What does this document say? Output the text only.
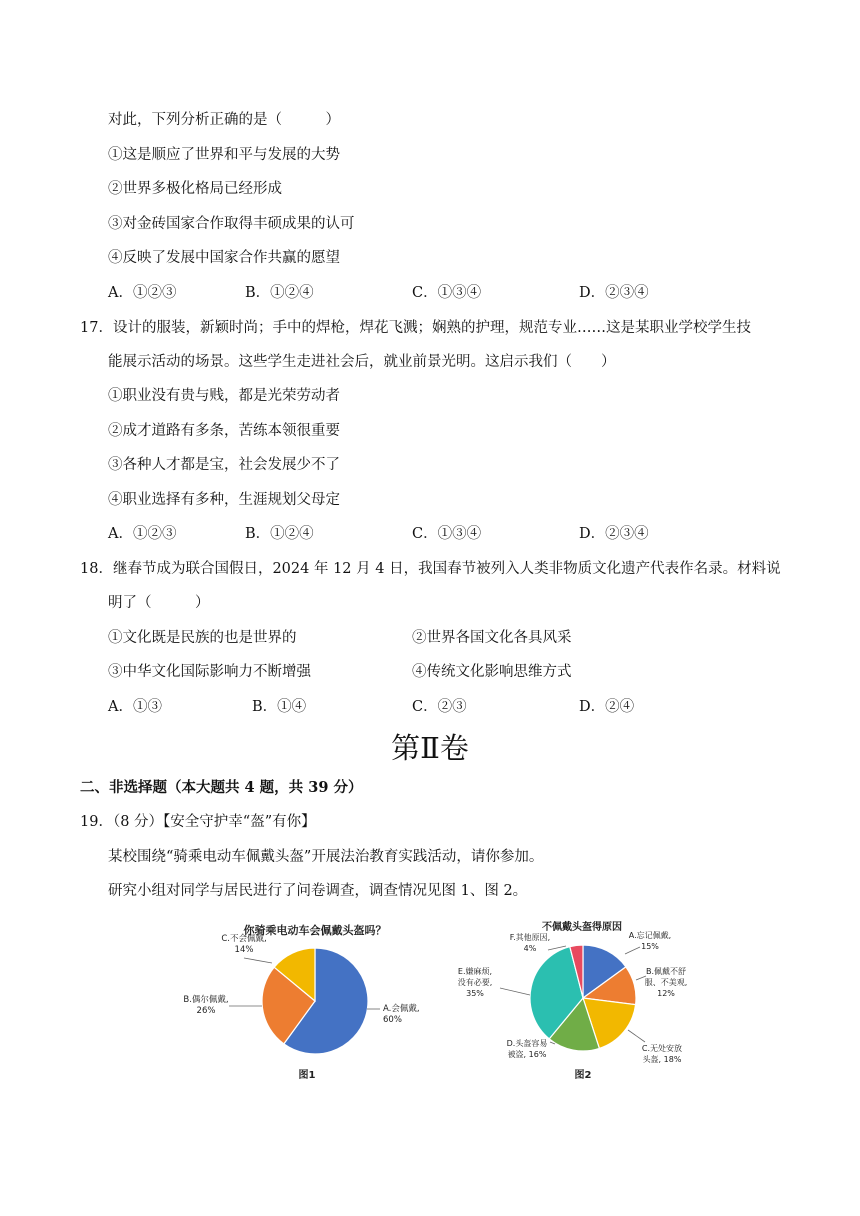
对此，下列分析正确的是（　　　）
①这是顺应了世界和平与发展的大势
②世界多极化格局已经形成
③对金砖国家合作取得丰硕成果的认可
④反映了发展中国家合作共赢的愿望
A．①②③	B．①②④	C．①③④	D．②③④
17．设计的服装，新颖时尚；手中的焊枪，焊花飞溅；娴熟的护理，规范专业……这是某职业学校学生技
能展示活动的场景。这些学生走进社会后，就业前景光明。这启示我们（　　）
①职业没有贵与贱，都是光荣劳动者
②成才道路有多条，苦练本领很重要
③各种人才都是宝，社会发展少不了
④职业选择有多种，生涯规划父母定
A．①②③	B．①②④	C．①③④	D．②③④
18．继春节成为联合国假日，2024 年 12 月 4 日，我国春节被列入人类非物质文化遗产代表作名录。材料说
明了（　　　）
①文化既是民族的也是世界的	②世界各国文化各具风采
③中华文化国际影响力不断增强	④传统文化影响思维方式
A．①③	B．①④	C．②③	D．②④
第Ⅱ卷
二、非选择题（本大题共 4 题，共 39 分）
19．（8 分）【安全守护幸“盔”有你】
某校围绕“骑乘电动车佩戴头盔”开展法治教育实践活动，请你参加。
研究小组对同学与居民进行了问卷调查，调查情况见图 1、图 2。
你骑乘电动车会佩戴头盔吗？
A.会佩戴,
60%
B.偶尔佩戴,
26%
C.不会佩戴,
14%
图1
不佩戴头盔得原因
A.忘记佩戴,
15%
B.佩戴不舒
服、不美观,
12%
C.无处安放
头盔, 18%
D.头盔容易
被盗, 16%
E.嫌麻烦,
没有必要,
35%
F.其他原因,
4%
图2
